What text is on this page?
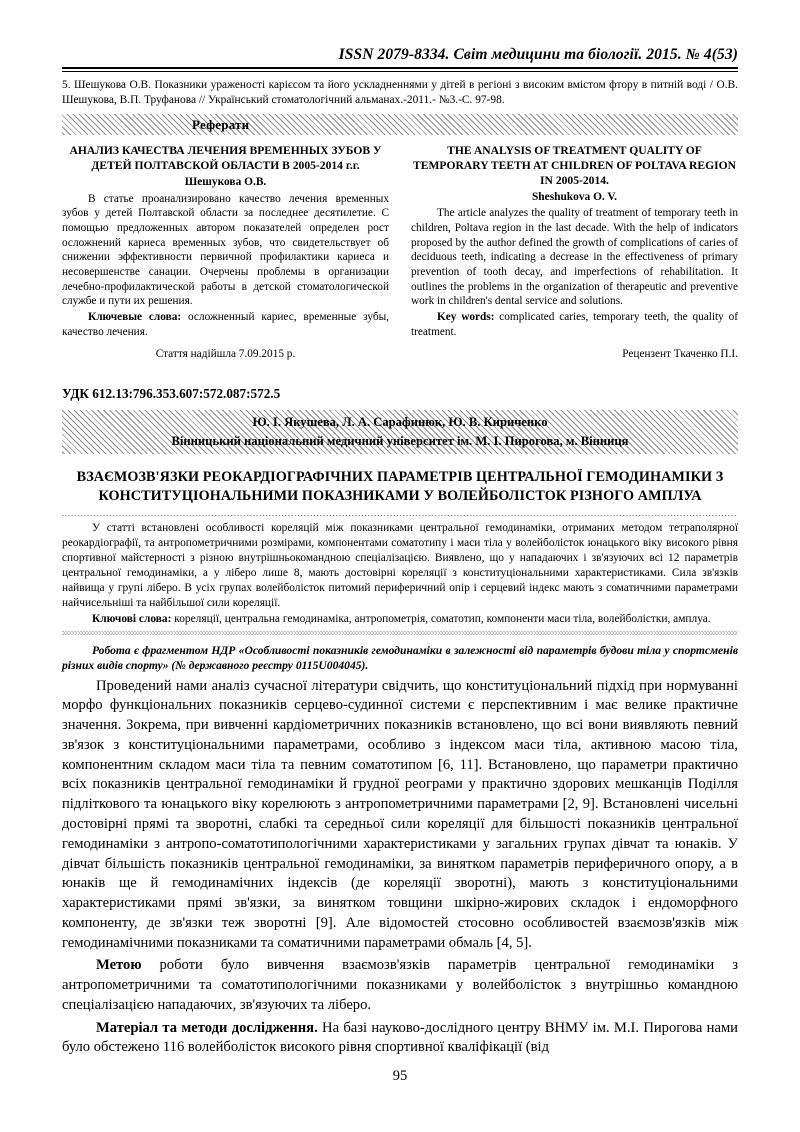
ISSN 2079-8334. Світ медицини та біології. 2015. № 4(53)
5. Шешукова О.В. Показники ураженості карієсом та його ускладненнями у дітей в регіоні з високим вмістом фтору в питній воді / О.В. Шешукова, В.П. Труфанова // Український стоматологічний альманах.-2011.- №3.-С. 97-98.
Реферати
АНАЛИЗ КАЧЕСТВА ЛЕЧЕНИЯ ВРЕМЕННЫХ ЗУБОВ У ДЕТЕЙ ПОЛТАВСКОЙ ОБЛАСТИ В 2005-2014 г.г.
Шешукова О.В.
В статье проанализировано качество лечения временных зубов у детей Полтавской области за последнее десятилетие. С помощью предложенных автором показателей определен рост осложнений кариеса временных зубов, что свидетельствует об снижении эффективности первичной профилактики кариеса и несовершенстве санации. Очерчены проблемы в организации лечебно-профилактической работы в детской стоматологической службе и пути их решения.
Ключевые слова: осложненный кариес, временные зубы, качество лечения.
Стаття надійшла 7.09.2015 р.
THE ANALYSIS OF TREATMENT QUALITY OF TEMPORARY TEETH AT CHILDREN OF POLTAVA REGION IN 2005-2014.
Sheshukova O. V.
The article analyzes the quality of treatment of temporary teeth in children, Poltava region in the last decade. With the help of indicators proposed by the author defined the growth of complications of caries of deciduous teeth, indicating a decrease in the effectiveness of primary prevention of tooth decay, and imperfections of rehabilitation. It outlines the problems in the organization of therapeutic and preventive work in children's dental service and solutions.
Key words: complicated caries, temporary teeth, the quality of treatment.
Рецензент Ткаченко П.І.
УДК 612.13:796.353.607:572.087:572.5
Ю. І. Якушева, Л. А. Сарафинюк, Ю. В. Кириченко
Вінницький національний медичний університет ім. М. І. Пирогова, м. Вінниця
ВЗАЄМОЗВ'ЯЗКИ РЕОКАРДІОГРАФІЧНИХ ПАРАМЕТРІВ ЦЕНТРАЛЬНОЇ ГЕМОДИНАМІКИ З КОНСТИТУЦІОНАЛЬНИМИ ПОКАЗНИКАМИ У ВОЛЕЙБОЛІСТОК РІЗНОГО АМПЛУА
У статті встановлені особливості кореляцій між показниками центральної гемодинаміки, отриманих методом тетраполярної реокардіографії, та антропометричними розмірами, компонентами соматотипу і маси тіла у волейболісток юнацького віку високого рівня спортивної майстерності з різною внутрішньокомандною спеціалізацією. Виявлено, що у нападаючих і зв'язуючих всі 12 параметрів центральної гемодинаміки, а у ліберо лише 8, мають достовірні кореляції з конституціональними характеристиками. Сила зв'язків найвища у групі ліберо. В усіх групах волейболісток питомий периферичний опір і серцевий індекс мають з соматичними параметрами найчисельніші та найбільшої сили кореляції.
Ключові слова: кореляції, центральна гемодинаміка, антропометрія, соматотип, компоненти маси тіла, волейболістки, амплуа.
Робота є фрагментом НДР «Особливості показників гемодинаміки в залежності від параметрів будови тіла у спортсменів різних видів спорту» (№ державного реєстру 0115U004045).
Проведений нами аналіз сучасної літератури свідчить, що конституціональний підхід при нормуванні морфо функціональних показників серцево-судинної системи є перспективним і має велике практичне значення. Зокрема, при вивченні кардіометричних показників встановлено, що всі вони виявляють певний зв'язок з конституціональними параметрами, особливо з індексом маси тіла, активною масою тіла, компонентним складом маси тіла та певним соматотипом [6, 11]. Встановлено, що параметри практично всіх показників центральної гемодинаміки й грудної реограми у практично здорових мешканців Поділля підліткового та юнацького віку корелюють з антропометричними параметрами [2, 9]. Встановлені чисельні достовірні прямі та зворотні, слабкі та середньої сили кореляції для більшості показників центральної гемодинаміки з антропо-соматотипологічними характеристиками у загальних групах дівчат та юнаків. У дівчат більшість показників центральної гемодинаміки, за винятком параметрів периферичного опору, а в юнаків ще й гемодинамічних індексів (де кореляції зворотні), мають з конституціональними характеристиками прямі зв'язки, за винятком товщини шкірно-жирових складок і ендоморфного компоненту, де зв'язки теж зворотні [9]. Але відомостей стосовно особливостей взаємозв'язків між гемодинамічними показниками та соматичними параметрами обмаль [4, 5].
Метою роботи було вивчення взаємозв'язків параметрів центральної гемодинаміки з антропометричними та соматотипологічними показниками у волейболісток з внутрішньо командною спеціалізацією нападаючих, зв'язуючих та ліберо.
Матеріал та методи дослідження. На базі науково-дослідного центру ВНМУ ім. М.І. Пирогова нами було обстежено 116 волейболісток високого рівня спортивної кваліфікації (від
95
